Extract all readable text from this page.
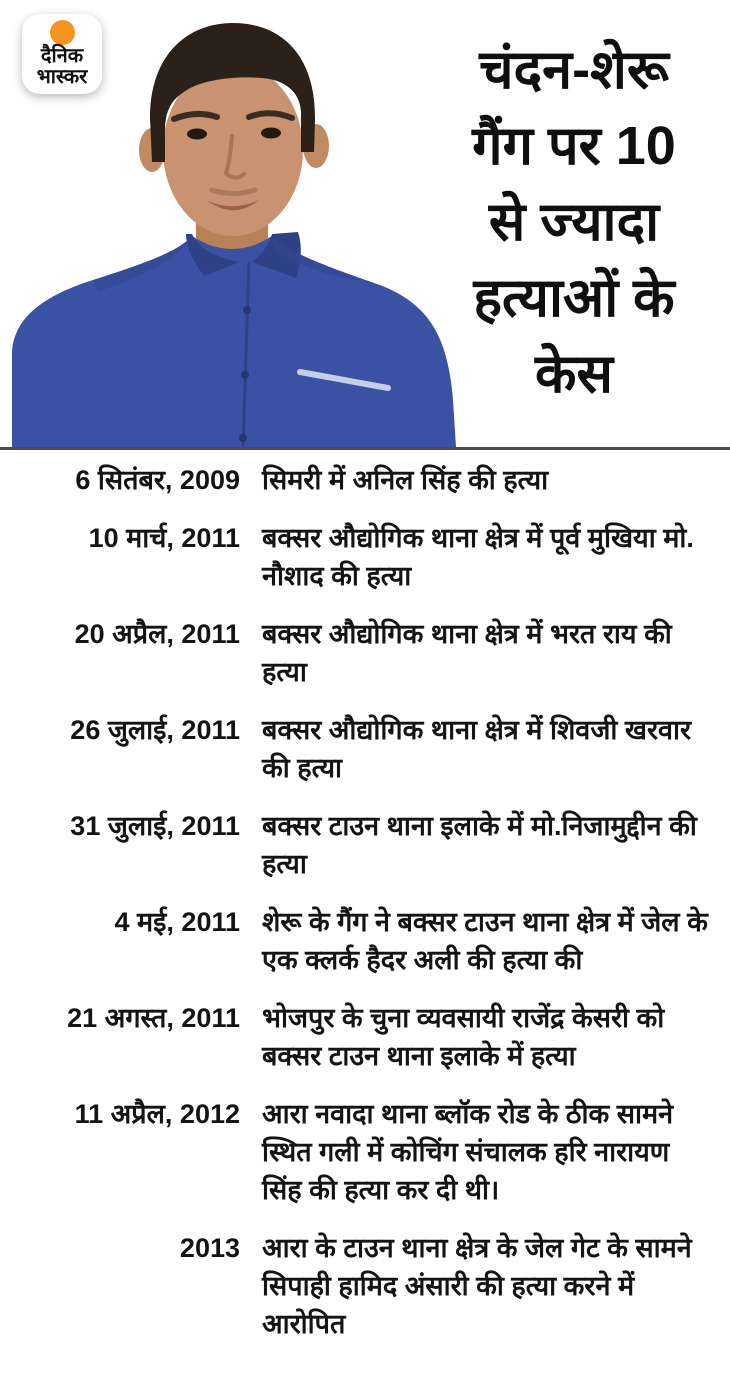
दैनिक
भास्कर	चंदन-शेरू
गैंग पर 10
से ज्यादा
हत्याओं के
केस
6 सितंबर, 2009 सिमरी में अनिल सिंह की हत्या
10 मार्च, 2011 बक्सर औद्योगिक थाना क्षेत्र में पूर्व मुखिया मो. नौशाद की हत्या
20 अप्रैल, 2011 बक्सर औद्योगिक थाना क्षेत्र में भरत राय की हत्या
26 जुलाई, 2011 बक्सर औद्योगिक थाना क्षेत्र में शिवजी खरवार की हत्या
31 जुलाई, 2011 बक्सर टाउन थाना इलाके में मो.निजामुद्दीन की हत्या
4 मई, 2011 शेरू के गैंग ने बक्सर टाउन थाना क्षेत्र में जेल के एक क्लर्क हैदर अली की हत्या की
21 अगस्त, 2011 भोजपुर के चुना व्यवसायी राजेंद्र केसरी को बक्सर टाउन थाना इलाके में हत्या
11 अप्रैल, 2012 आरा नवादा थाना ब्लॉक रोड के ठीक सामने स्थित गली में कोचिंग संचालक हरि नारायण सिंह की हत्या कर दी थी।
2013 आरा के टाउन थाना क्षेत्र के जेल गेट के सामने सिपाही हामिद अंसारी की हत्या करने में आरोपित
